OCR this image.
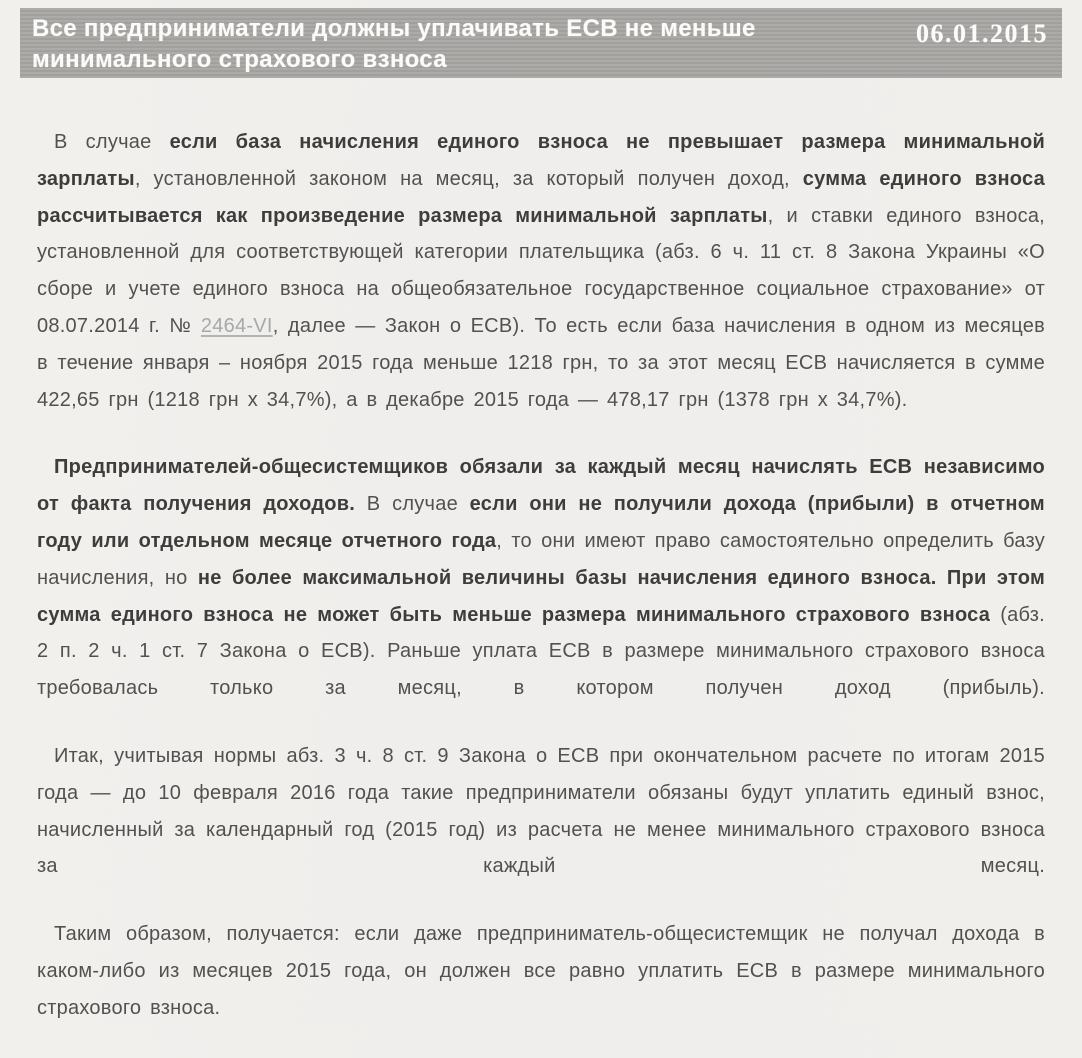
Все предприниматели должны уплачивать ЕСВ не меньше
минимального страхового взноса
06.01.2015

В случае если база начисления единого взноса не превышает размера минимальной зарплаты, установленной законом на месяц, за который получен доход, сумма единого взноса рассчитывается как произведение размера минимальной зарплаты, и ставки единого взноса, установленной для соответствующей категории плательщика (абз. 6 ч. 11 ст. 8 Закона Украины «О сборе и учете единого взноса на общеобязательное государственное социальное страхование» от 08.07.2014 г. № 2464-VI, далее — Закон о ЕСВ). То есть если база начисления в одном из месяцев в течение января – ноября 2015 года меньше 1218 грн, то за этот месяц ЕСВ начисляется в сумме 422,65 грн (1218 грн х 34,7%), а в декабре 2015 года — 478,17 грн (1378 грн х 34,7%).

Предпринимателей-общесистемщиков обязали за каждый месяц начислять ЕСВ независимо от факта получения доходов. В случае если они не получили дохода (прибыли) в отчетном году или отдельном месяце отчетного года, то они имеют право самостоятельно определить базу начисления, но не более максимальной величины базы начисления единого взноса. При этом сумма единого взноса не может быть меньше размера минимального страхового взноса (абз. 2 п. 2 ч. 1 ст. 7 Закона о ЕСВ). Раньше уплата ЕСВ в размере минимального страхового взноса требовалась только за месяц, в котором получен доход (прибыль).

Итак, учитывая нормы абз. 3 ч. 8 ст. 9 Закона о ЕСВ при окончательном расчете по итогам 2015 года — до 10 февраля 2016 года такие предприниматели обязаны будут уплатить единый взнос, начисленный за календарный год (2015 год) из расчета не менее минимального страхового взноса за каждый месяц.

Таким образом, получается: если даже предприниматель-общесистемщик не получал дохода в каком-либо из месяцев 2015 года, он должен все равно уплатить ЕСВ в размере минимального страхового взноса.
